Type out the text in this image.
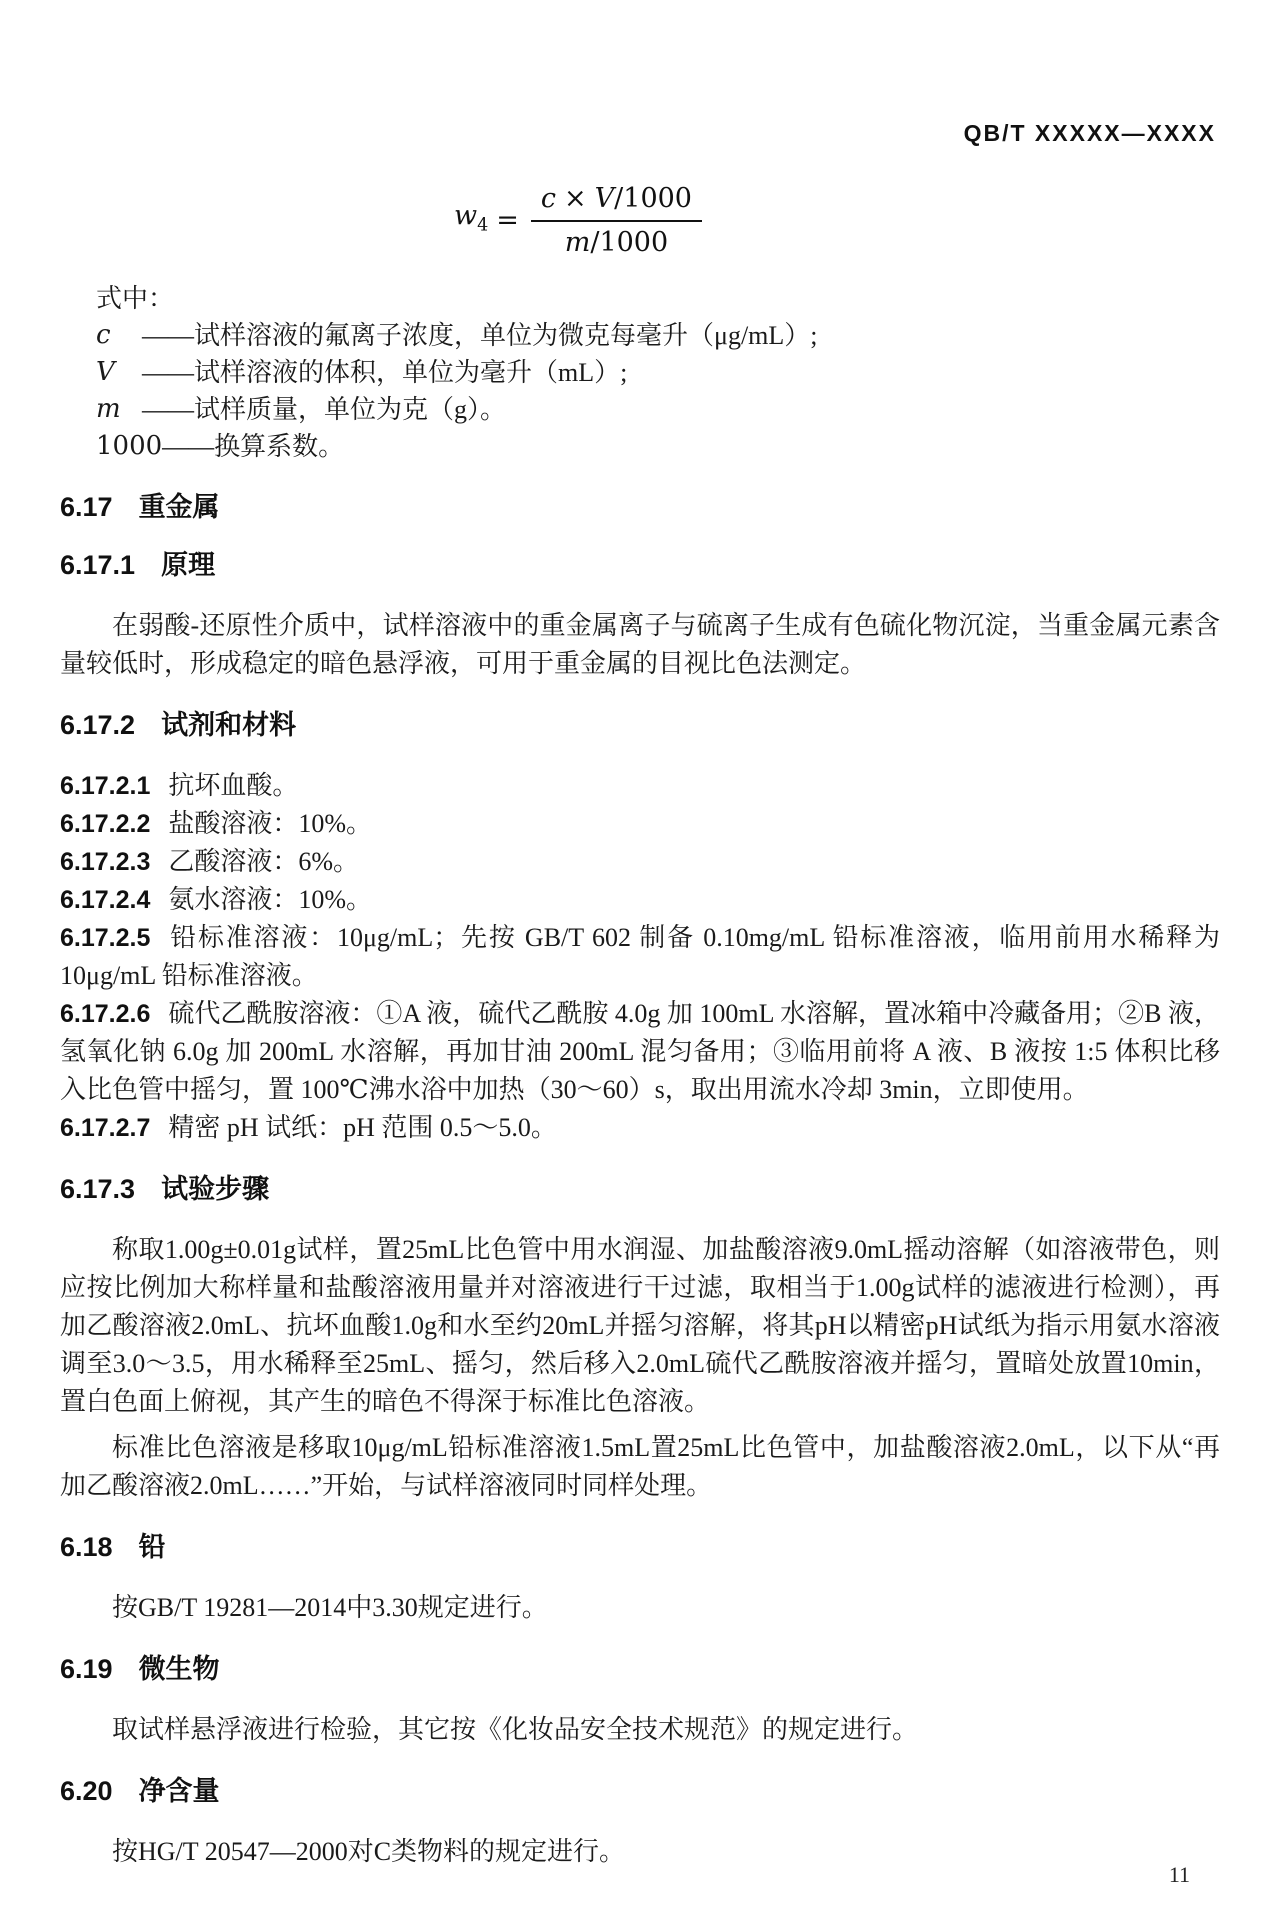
QB/T XXXXX—XXXX
$w_4 = \frac{c \times V/1000}{m/1000}$
式中：
c	——试样溶液的氟离子浓度，单位为微克每毫升（μg/mL）;
V	——试样溶液的体积，单位为毫升（mL）;
m ——试样质量，单位为克（g）。
1000 ——换算系数。
6.17 重金属
6.17.1 原理

在弱酸-还原性介质中，试样溶液中的重金属离子与硫离子生成有色硫化物沉淀，当重金属元素含量较低时，形成稳定的暗色悬浮液，可用于重金属的目视比色法测定。

6.17.2 试剂和材料

6.17.2.1 抗坏血酸。

6.17.2.2 盐酸溶液：10%。

6.17.2.3 乙酸溶液：6%。

6.17.2.4 氨水溶液：10%。

6.17.2.5 铅标准溶液：10μg/mL；先按 GB/T 602 制备 0.10mg/mL 铅标准溶液，临用前用水稀释为 10μg/mL 铅标准溶液。

6.17.2.6 硫代乙酰胺溶液：①A 液，硫代乙酰胺 4.0g 加 100mL 水溶解，置冰箱中冷藏备用；②B 液，氢氧化钠 6.0g 加 200mL 水溶解，再加甘油 200mL 混匀备用；③临用前将 A 液、B 液按 1:5 体积比移入比色管中摇匀，置 100℃沸水浴中加热（30～60）s，取出用流水冷却 3min，立即使用。

6.17.2.7 精密 pH 试纸：pH 范围 0.5～5.0。

6.17.3 试验步骤

称取1.00g±0.01g试样，置25mL比色管中用水润湿、加盐酸溶液9.0mL摇动溶解（如溶液带色，则应按比例加大称样量和盐酸溶液用量并对溶液进行干过滤，取相当于1.00g试样的滤液进行检测），再加乙酸溶液2.0mL、抗坏血酸1.0g和水至约20mL并摇匀溶解，将其pH以精密pH试纸为指示用氨水溶液调至3.0～3.5，用水稀释至25mL、摇匀，然后移入2.0mL硫代乙酰胺溶液并摇匀，置暗处放置10min，置白色面上俯视，其产生的暗色不得深于标准比色溶液。

标准比色溶液是移取10μg/mL铅标准溶液1.5mL置25mL比色管中，加盐酸溶液2.0mL，以下从“再加乙酸溶液2.0mL……”开始，与试样溶液同时同样处理。

6.18 铅

按GB/T 19281—2014中3.30规定进行。

6.19 微生物

取试样悬浮液进行检验，其它按《化妆品安全技术规范》的规定进行。

6.20 净含量

按HG/T 20547—2000对C类物料的规定进行。

11
